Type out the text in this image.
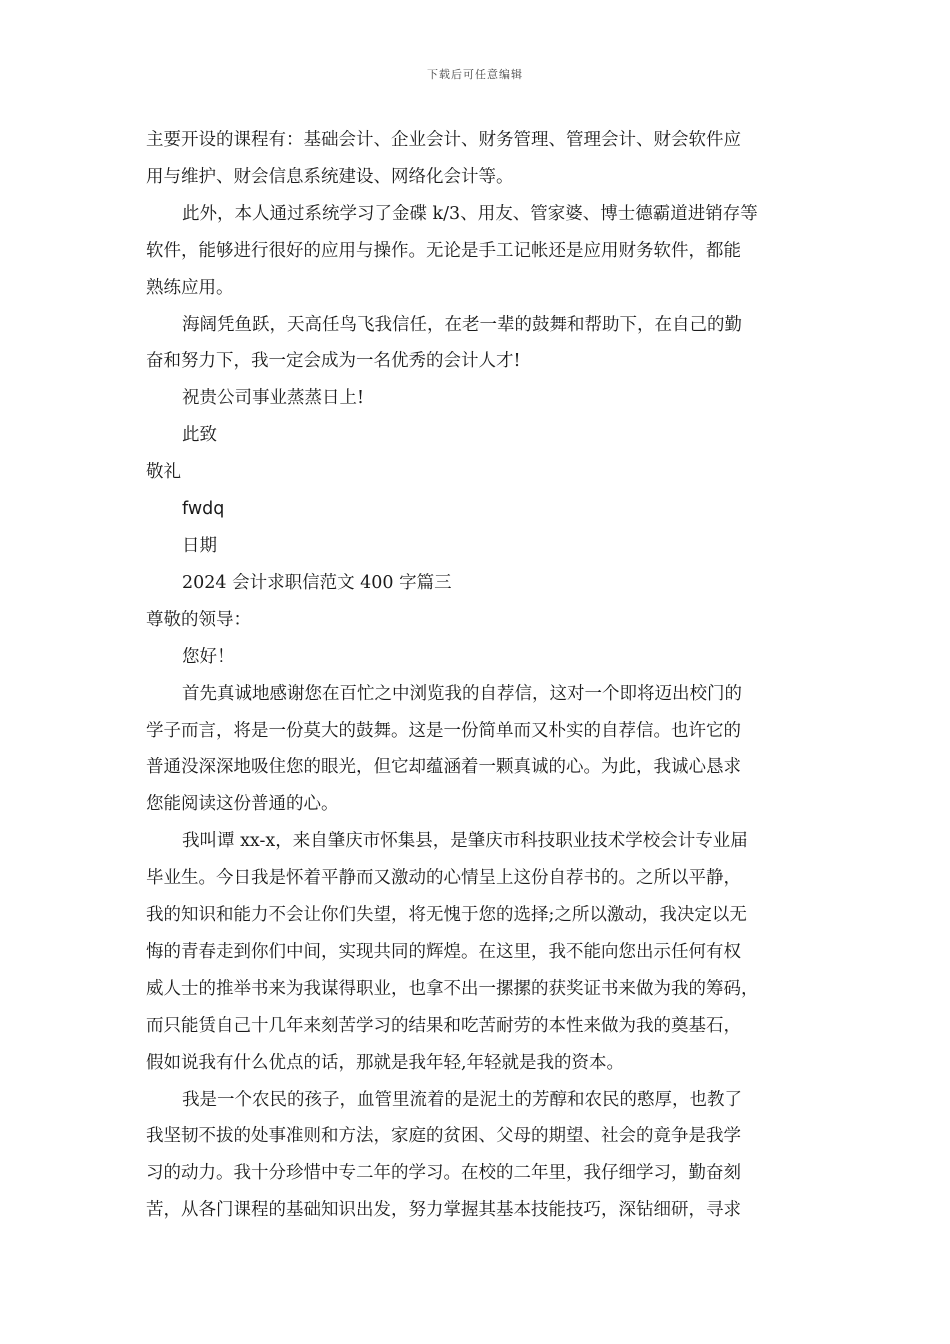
下载后可任意编辑

主要开设的课程有：基础会计、企业会计、财务管理、管理会计、财会软件应
用与维护、财会信息系统建设、网络化会计等。

此外，本人通过系统学习了金碟 k/3、用友、管家婆、博士德霸道进销存等
软件，能够进行很好的应用与操作。无论是手工记帐还是应用财务软件，都能
熟练应用。

海阔凭鱼跃，天高任鸟飞我信任，在老一辈的鼓舞和帮助下，在自己的勤
奋和努力下，我一定会成为一名优秀的会计人才!

祝贵公司事业蒸蒸日上!

此致

敬礼

fwdq

日期

2024 会计求职信范文 400 字篇三

尊敬的领导：

您好！

首先真诚地感谢您在百忙之中浏览我的自荐信，这对一个即将迈出校门的
学子而言，将是一份莫大的鼓舞。这是一份简单而又朴实的自荐信。也许它的
普通没深深地吸住您的眼光，但它却蕴涵着一颗真诚的心。为此，我诚心恳求
您能阅读这份普通的心。

我叫谭 xx-x，来自肇庆市怀集县，是肇庆市科技职业技术学校会计专业届
毕业生。今日我是怀着平静而又激动的心情呈上这份自荐书的。之所以平静，
我的知识和能力不会让你们失望，将无愧于您的选择;之所以激动，我决定以无
悔的青春走到你们中间，实现共同的辉煌。在这里，我不能向您出示任何有权
威人士的推举书来为我谋得职业，也拿不出一摞摞的获奖证书来做为我的筹码，
而只能赁自己十几年来刻苦学习的结果和吃苦耐劳的本性来做为我的奠基石，
假如说我有什么优点的话，那就是我年轻,年轻就是我的资本。

我是一个农民的孩子，血管里流着的是泥土的芳醇和农民的憨厚，也教了
我坚韧不拔的处事准则和方法，家庭的贫困、父母的期望、社会的竟争是我学
习的动力。我十分珍惜中专二年的学习。在校的二年里，我仔细学习，勤奋刻
苦，从各门课程的基础知识出发，努力掌握其基本技能技巧，深钻细研，寻求
